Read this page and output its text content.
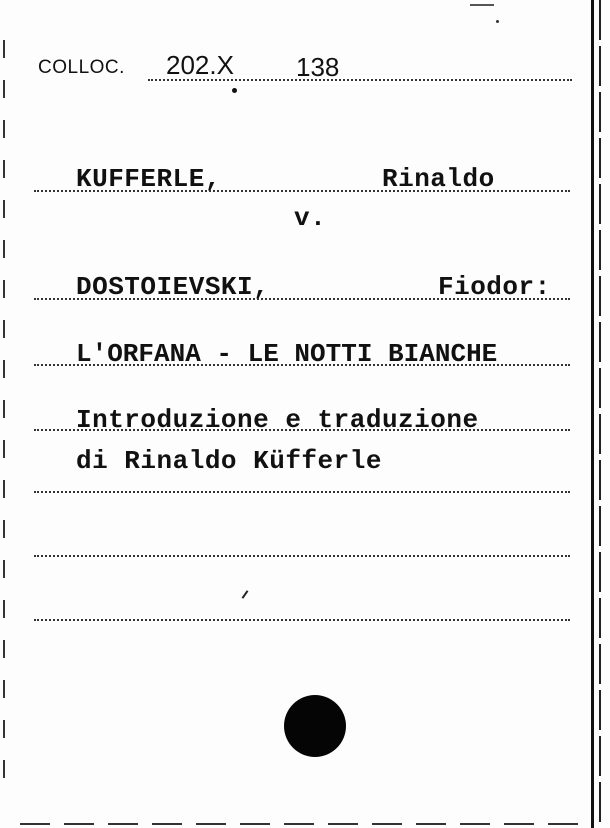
COLLOC. 202.X 138
KUFFERLE,	Rinaldo
v.
DOSTOIEVSKI,	Fiodor:
L'ORFANA - LE NOTTI BIANCHE
Introduzione e traduzione
di Rinaldo Küfferle
